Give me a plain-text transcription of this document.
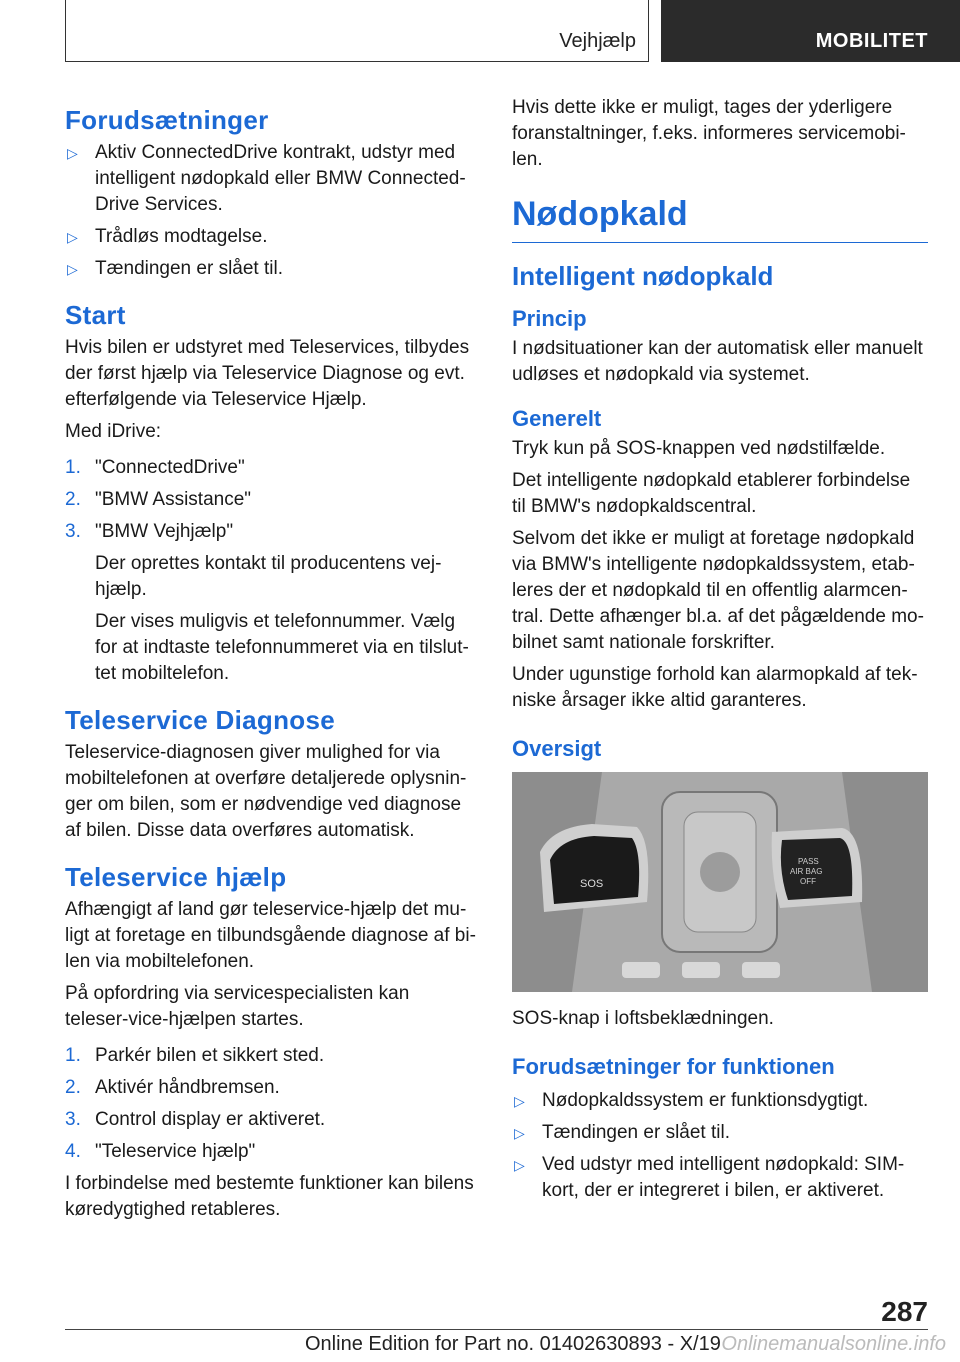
Vejhjælp	MOBILITET
Forudsætninger
▷ Aktiv ConnectedDrive kontrakt, udstyr med intelligent nødopkald eller BMW Connected-Drive Services.
▷ Trådløs modtagelse.
▷ Tændingen er slået til.
Start

Hvis bilen er udstyret med Teleservices, tilbydes der først hjælp via Teleservice Diagnose og evt. efterfølgende via Teleservice Hjælp.

Med iDrive:

1. "ConnectedDrive"
2. "BMW Assistance"
3. "BMW Vejhjælp"

Der oprettes kontakt til producentens vej-hjælp.

Der vises muligvis et telefonnummer. Vælg for at indtaste telefonnummeret via en tilslut-tet mobiltelefon.

Teleservice Diagnose

Teleservice-diagnosen giver mulighed for via mobiltelefonen at overføre detaljerede oplysnin-ger om bilen, som er nødvendige ved diagnose af bilen. Disse data overføres automatisk.

Teleservice hjælp

Afhængigt af land gør teleservice-hjælp det mu-ligt at foretage en tilbundsgående diagnose af bi-len via mobiltelefonen.

På opfordring via servicespecialisten kan teleser-vice-hjælpen startes.

1. Parkér bilen et sikkert sted.
2. Aktivér håndbremsen.
3. Control display er aktiveret.
4. "Teleservice hjælp"

I forbindelse med bestemte funktioner kan bilens køredygtighed retableres.

Hvis dette ikke er muligt, tages der yderligere foranstaltninger, f.eks. informeres servicemobi-len.

Nødopkald
Intelligent nødopkald
Princip

I nødsituationer kan der automatisk eller manuelt udløses et nødopkald via systemet.

Generelt

Tryk kun på SOS-knappen ved nødstilfælde.

Det intelligente nødopkald etablerer forbindelse til BMW's nødopkaldscentral.

Selvom det ikke er muligt at foretage nødopkald via BMW's intelligente nødopkaldssystem, etab-leres der et nødopkald til en offentlig alarmcen-tral. Dette afhænger bl.a. af det pågældende mo-bilnet samt nationale forskrifter.

Under ugunstige forhold kan alarmopkald af tek-niske årsager ikke altid garanteres.

Oversigt
SOS
PASS
AIR BAG
OFF

SOS-knap i loftsbeklædningen.

Forudsætninger for funktionen
▷ Nødopkaldssystem er funktionsdygtigt.
▷ Tændingen er slået til.
▷ Ved udstyr med intelligent nødopkald: SIM-kort, der er integreret i bilen, er aktiveret.
287
Online Edition for Part no. 01402630893 - X/19 Onlinemanualsonline.info
